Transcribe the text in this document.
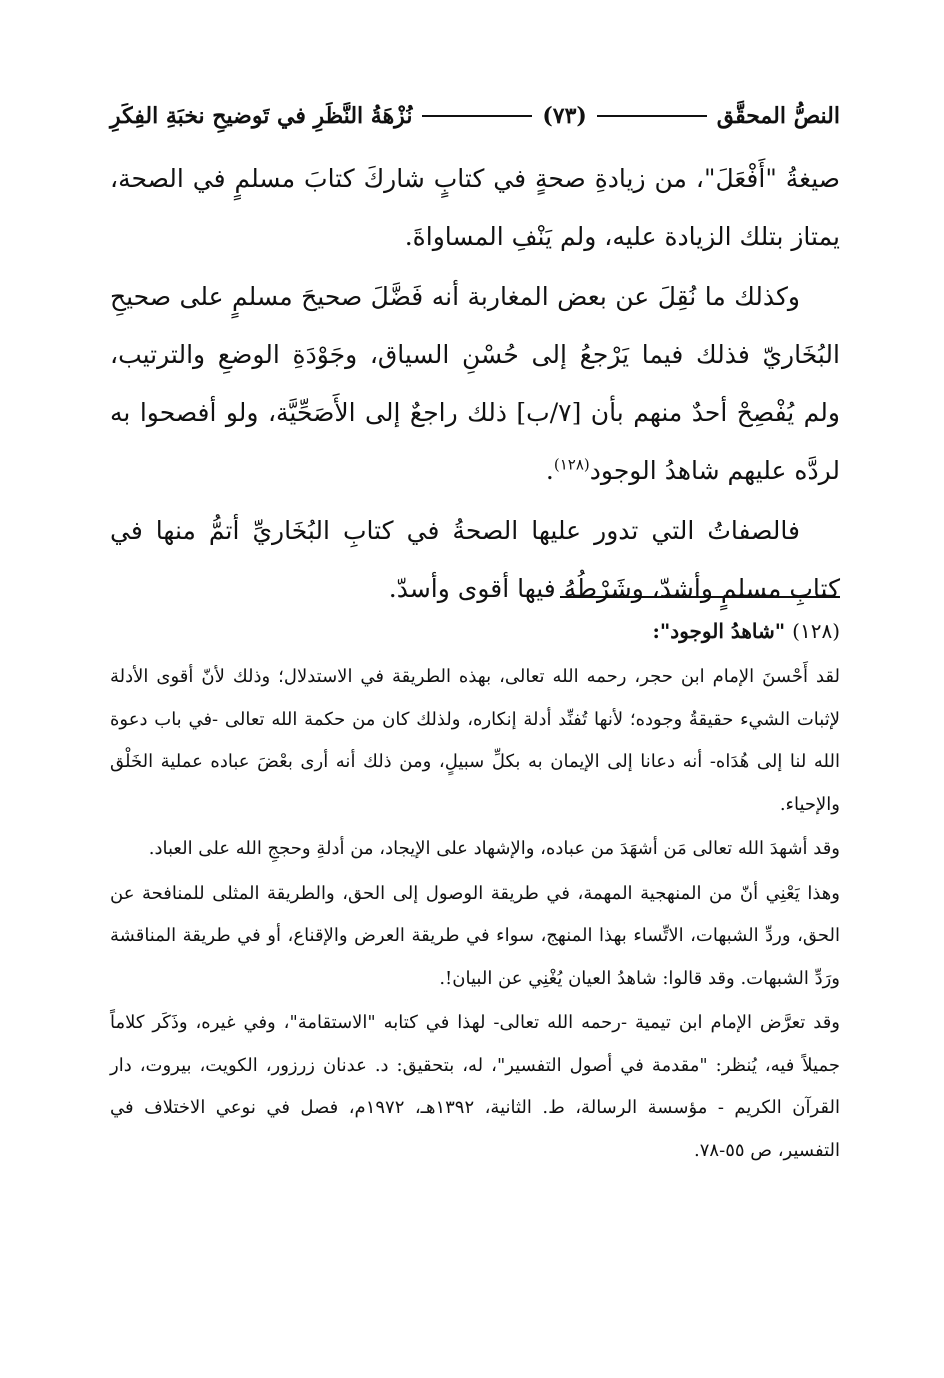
النصُّ المحقَّق
(٧٣)
نُزْهَةُ النَّظَرِ في تَوضيحِ نخبَةِ الفِكَرِ

صيغةُ "أَفْعَلَ"، من زيادةِ صحةٍ في كتابٍ شاركَ كتابَ مسلمٍ في الصحة، يمتاز بتلك الزيادة عليه، ولم يَنْفِ المساواةَ.

وكذلك ما نُقِلَ عن بعض المغاربة أنه فَضَّلَ صحيحَ مسلمٍ على صحيحِ البُخَاريّ فذلك فيما يَرْجعُ إلى حُسْنِ السياق، وجَوْدَةِ الوضعِ والترتيب، ولم يُفْصِحْ أحدٌ منهم بأن [٧/ب] ذلك راجعٌ إلى الأَصَحِّيَّة، ولو أفصحوا به لردَّه عليهم شاهدُ الوجود$^{(١٢٨)}$.

فالصفاتُ التي تدور عليها الصحةُ في كتابِ البُخَاريِّ أتمُّ منها في كتابِ مسلمٍ وأشدّ، وشَرْطُهُ فيها أقوى وأسدّ.

(١٢٨) "شاهدُ الوجود":

لقد أَحْسنَ الإمام ابن حجر، رحمه الله تعالى، بهذه الطريقة في الاستدلال؛ وذلك لأنّ أقوى الأدلة لإثبات الشيء حقيقةُ وجوده؛ لأنها تُفنِّد أدلة إنكاره، ولذلك كان من حكمة الله تعالى -في باب دعوة الله لنا إلى هُدَاه- أنه دعانا إلى الإيمان به بكلِّ سبيلٍ، ومن ذلك أنه أرى بعْضَ عباده عملية الخَلْق والإحياء.

وقد أشهدَ الله تعالى مَن أشهَدَ من عباده، والإشهاد على الإيجاد، من أدلةِ وحججِ الله على العباد.

وهذا يَعْنِي أنّ من المنهجية المهمة، في طريقة الوصول إلى الحق، والطريقة المثلى للمنافحة عن الحق، وردِّ الشبهات، الاتِّساء بهذا المنهج، سواء في طريقة العرض والإقناع، أو في طريقة المناقشة ورَدِّ الشبهات. وقد قالوا: شاهدُ العيان يُغْنِي عن البيان!.

وقد تعرَّض الإمام ابن تيمية -رحمه الله تعالى- لهذا في كتابه "الاستقامة"، وفي غيره، وذَكَر كلاماً جميلاً فيه، يُنظر: "مقدمة في أصول التفسير"، له، بتحقيق: د. عدنان زرزور، الكويت، بيروت، دار القرآن الكريم - مؤسسة الرسالة، ط. الثانية، ١٣٩٢هـ، ١٩٧٢م، فصل في نوعي الاختلاف في التفسير، ص ٥٥-٧٨.
